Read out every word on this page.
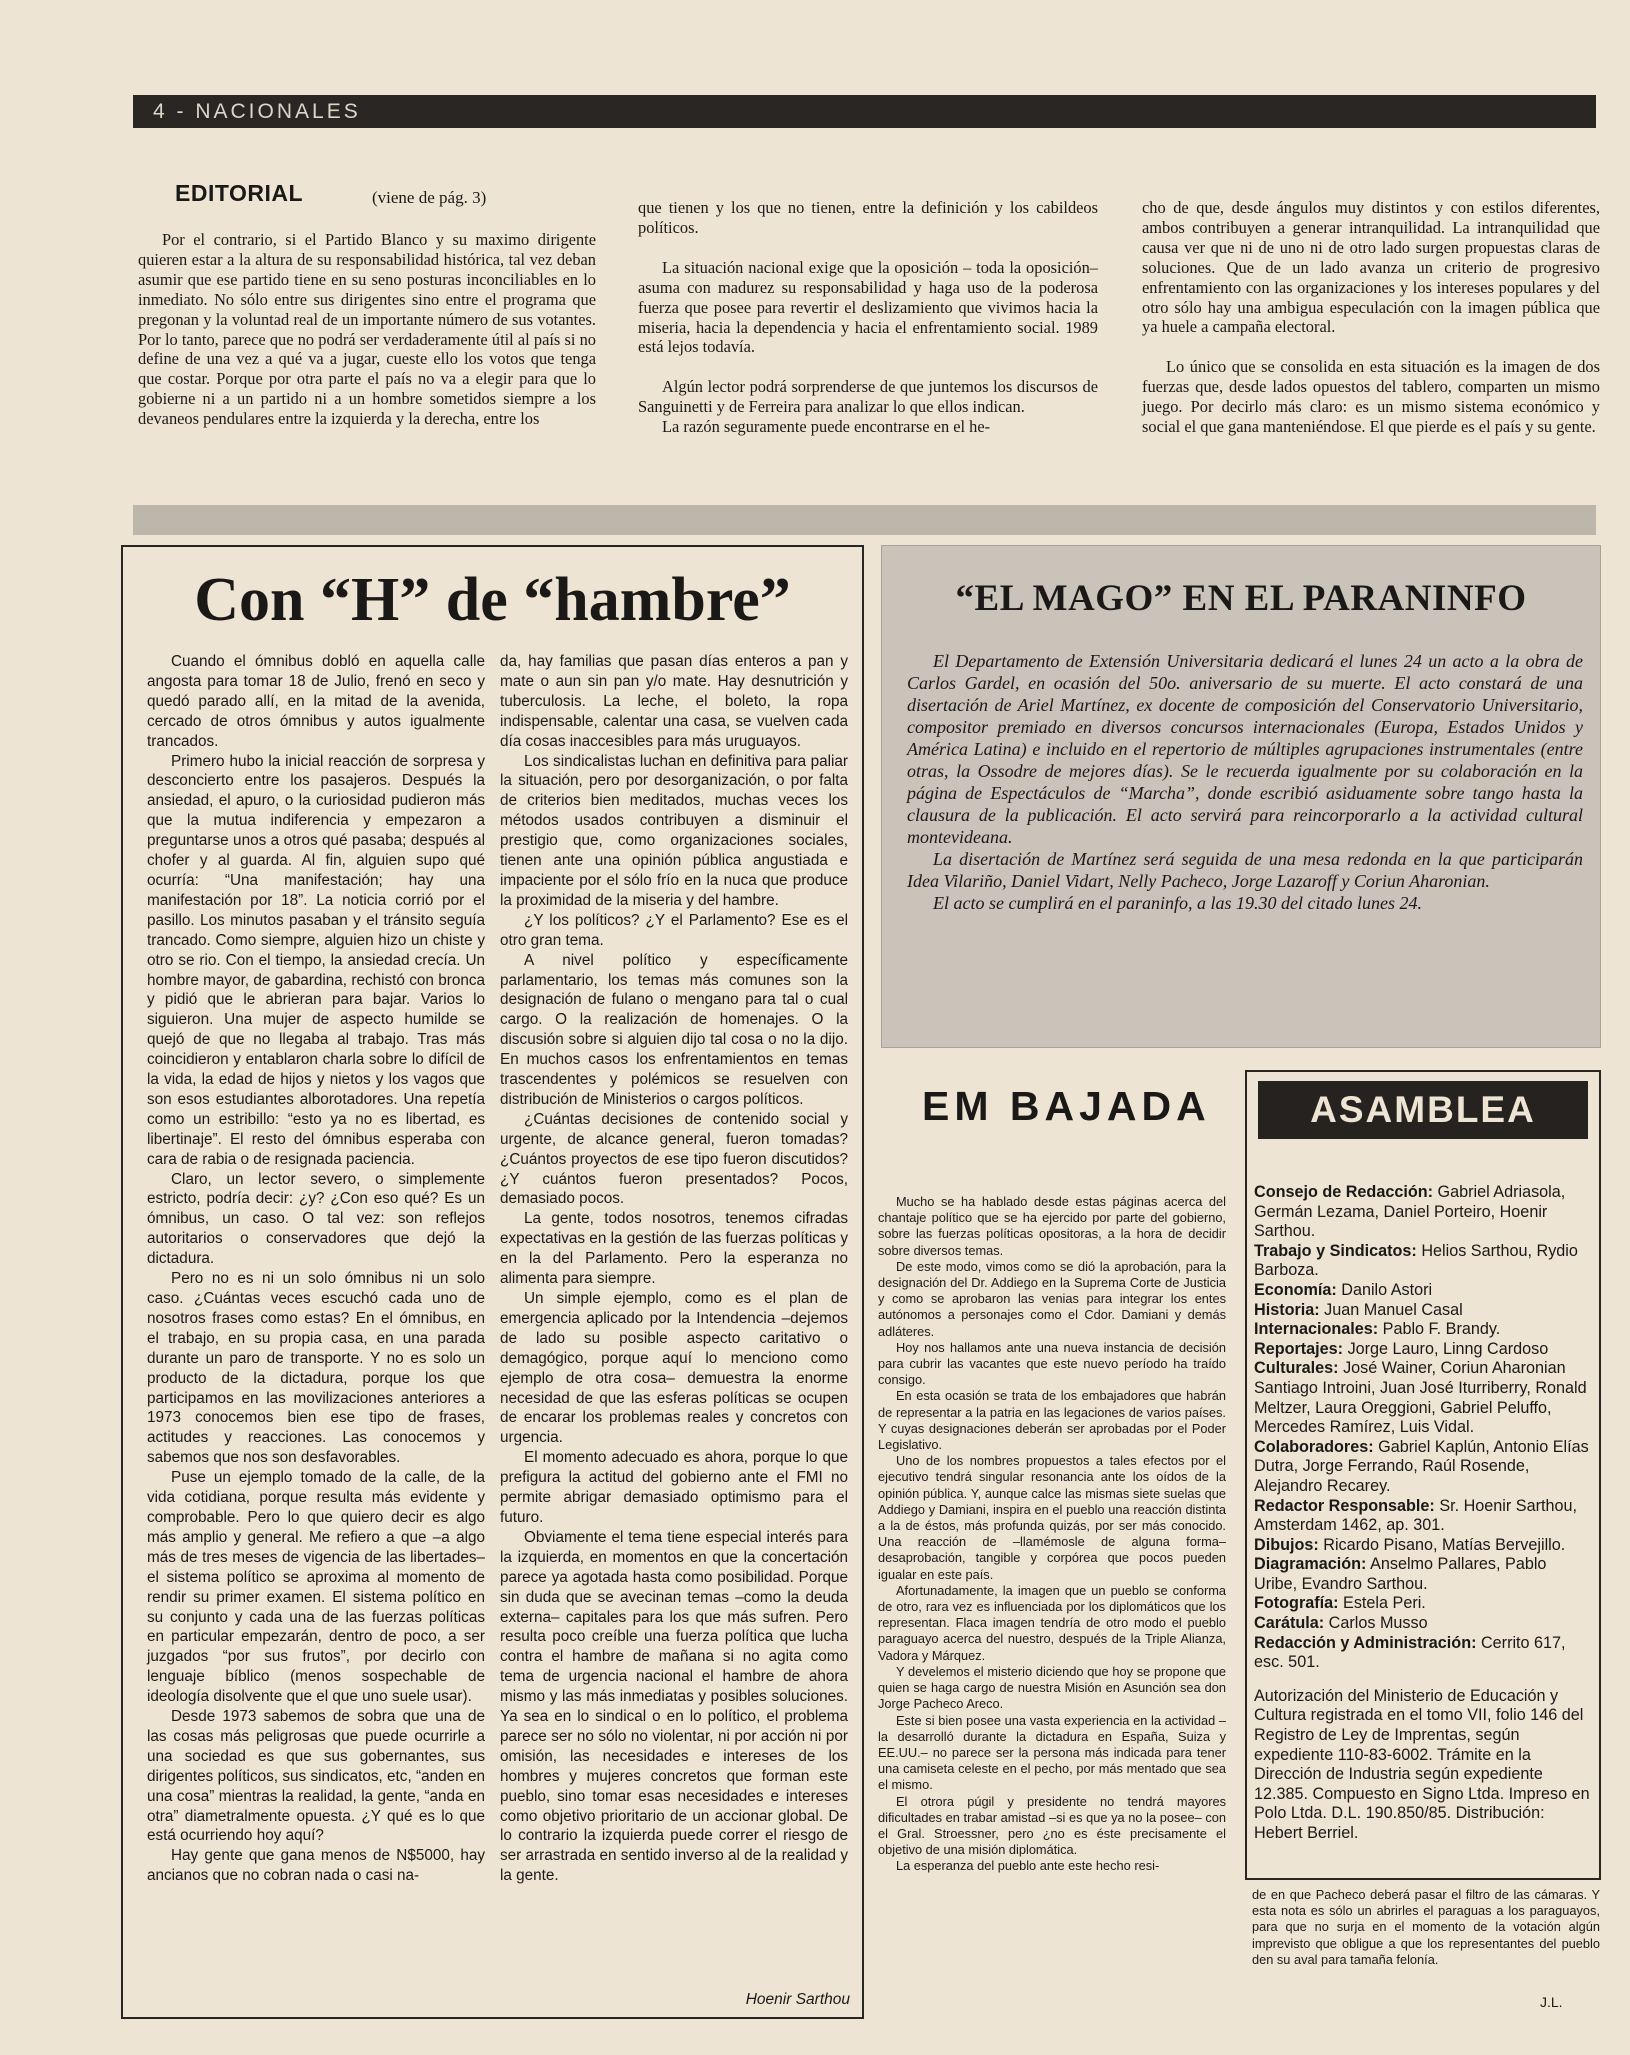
4 - NACIONALES
EDITORIAL	(viene de pág. 3)

Por el contrario, si el Partido Blanco y su maximo dirigente quieren estar a la altura de su responsabilidad histórica, tal vez deban asumir que ese partido tiene en su seno posturas inconciliables en lo inmediato. No sólo entre sus dirigentes sino entre el programa que pregonan y la voluntad real de un importante número de sus votantes. Por lo tanto, parece que no podrá ser verdaderamente útil al país si no define de una vez a qué va a jugar, cueste ello los votos que tenga que costar. Porque por otra parte el país no va a elegir para que lo gobierne ni a un partido ni a un hombre sometidos siempre a los devaneos pendulares entre la izquierda y la derecha, entre los

que tienen y los que no tienen, entre la definición y los cabildeos políticos.

La situación nacional exige que la oposición – toda la oposición– asuma con madurez su responsabilidad y haga uso de la poderosa fuerza que posee para revertir el deslizamiento que vivimos hacia la miseria, hacia la dependencia y hacia el enfrentamiento social. 1989 está lejos todavía.

Algún lector podrá sorprenderse de que juntemos los discursos de Sanguinetti y de Ferreira para analizar lo que ellos indican.

La razón seguramente puede encontrarse en el he-

cho de que, desde ángulos muy distintos y con estilos diferentes, ambos contribuyen a generar intranquilidad. La intranquilidad que causa ver que ni de uno ni de otro lado surgen propuestas claras de soluciones. Que de un lado avanza un criterio de progresivo enfrentamiento con las organizaciones y los intereses populares y del otro sólo hay una ambigua especulación con la imagen pública que ya huele a campaña electoral.

Lo único que se consolida en esta situación es la imagen de dos fuerzas que, desde lados opuestos del tablero, comparten un mismo juego. Por decirlo más claro: es un mismo sistema económico y social el que gana manteniéndose. El que pierde es el país y su gente.

Con “H” de “hambre”

Cuando el ómnibus dobló en aquella calle angosta para tomar 18 de Julio, frenó en seco y quedó parado allí, en la mitad de la avenida, cercado de otros ómnibus y autos igualmente trancados.

Primero hubo la inicial reacción de sorpresa y desconcierto entre los pasajeros. Después la ansiedad, el apuro, o la curiosidad pudieron más que la mutua indiferencia y empezaron a preguntarse unos a otros qué pasaba; después al chofer y al guarda. Al fin, alguien supo qué ocurría: “Una manifestación; hay una manifestación por 18”. La noticia corrió por el pasillo. Los minutos pasaban y el tránsito seguía trancado. Como siempre, alguien hizo un chiste y otro se rio. Con el tiempo, la ansiedad crecía. Un hombre mayor, de gabardina, rechistó con bronca y pidió que le abrieran para bajar. Varios lo siguieron. Una mujer de aspecto humilde se quejó de que no llegaba al trabajo. Tras más coincidieron y entablaron charla sobre lo difícil de la vida, la edad de hijos y nietos y los vagos que son esos estudiantes alborotadores. Una repetía como un estribillo: “esto ya no es libertad, es libertinaje”. El resto del ómnibus esperaba con cara de rabia o de resignada paciencia.

Claro, un lector severo, o simplemente estricto, podría decir: ¿y? ¿Con eso qué? Es un ómnibus, un caso. O tal vez: son reflejos autoritarios o conservadores que dejó la dictadura.

Pero no es ni un solo ómnibus ni un solo caso. ¿Cuántas veces escuchó cada uno de nosotros frases como estas? En el ómnibus, en el trabajo, en su propia casa, en una parada durante un paro de transporte. Y no es solo un producto de la dictadura, porque los que participamos en las movilizaciones anteriores a 1973 conocemos bien ese tipo de frases, actitudes y reacciones. Las conocemos y sabemos que nos son desfavorables.

Puse un ejemplo tomado de la calle, de la vida cotidiana, porque resulta más evidente y comprobable. Pero lo que quiero decir es algo más amplio y general. Me refiero a que –a algo más de tres meses de vigencia de las libertades– el sistema político se aproxima al momento de rendir su primer examen. El sistema político en su conjunto y cada una de las fuerzas políticas en particular empezarán, dentro de poco, a ser juzgados “por sus frutos”, por decirlo con lenguaje bíblico (menos sospechable de ideología disolvente que el que uno suele usar).

Desde 1973 sabemos de sobra que una de las cosas más peligrosas que puede ocurrirle a una sociedad es que sus gobernantes, sus dirigentes políticos, sus sindicatos, etc, “anden en una cosa” mientras la realidad, la gente, “anda en otra” diametralmente opuesta. ¿Y qué es lo que está ocurriendo hoy aquí?

Hay gente que gana menos de N$5000, hay ancianos que no cobran nada o casi na-

da, hay familias que pasan días enteros a pan y mate o aun sin pan y/o mate. Hay desnutrición y tuberculosis. La leche, el boleto, la ropa indispensable, calentar una casa, se vuelven cada día cosas inaccesibles para más uruguayos.

Los sindicalistas luchan en definitiva para paliar la situación, pero por desorganización, o por falta de criterios bien meditados, muchas veces los métodos usados contribuyen a disminuir el prestigio que, como organizaciones sociales, tienen ante una opinión pública angustiada e impaciente por el sólo frío en la nuca que produce la proximidad de la miseria y del hambre.

¿Y los políticos? ¿Y el Parlamento? Ese es el otro gran tema.

A nivel político y específicamente parlamentario, los temas más comunes son la designación de fulano o mengano para tal o cual cargo. O la realización de homenajes. O la discusión sobre si alguien dijo tal cosa o no la dijo. En muchos casos los enfrentamientos en temas trascendentes y polémicos se resuelven con distribución de Ministerios o cargos políticos.

¿Cuántas decisiones de contenido social y urgente, de alcance general, fueron tomadas? ¿Cuántos proyectos de ese tipo fueron discutidos? ¿Y cuántos fueron presentados? Pocos, demasiado pocos.

La gente, todos nosotros, tenemos cifradas expectativas en la gestión de las fuerzas políticas y en la del Parlamento. Pero la esperanza no alimenta para siempre.

Un simple ejemplo, como es el plan de emergencia aplicado por la Intendencia –dejemos de lado su posible aspecto caritativo o demagógico, porque aquí lo menciono como ejemplo de otra cosa– demuestra la enorme necesidad de que las esferas políticas se ocupen de encarar los problemas reales y concretos con urgencia.

El momento adecuado es ahora, porque lo que prefigura la actitud del gobierno ante el FMI no permite abrigar demasiado optimismo para el futuro.

Obviamente el tema tiene especial interés para la izquierda, en momentos en que la concertación parece ya agotada hasta como posibilidad. Porque sin duda que se avecinan temas –como la deuda externa– capitales para los que más sufren. Pero resulta poco creíble una fuerza política que lucha contra el hambre de mañana si no agita como tema de urgencia nacional el hambre de ahora mismo y las más inmediatas y posibles soluciones. Ya sea en lo sindical o en lo político, el problema parece ser no sólo no violentar, ni por acción ni por omisión, las necesidades e intereses de los hombres y mujeres concretos que forman este pueblo, sino tomar esas necesidades e intereses como objetivo prioritario de un accionar global. De lo contrario la izquierda puede correr el riesgo de ser arrastrada en sentido inverso al de la realidad y la gente.

Hoenir Sarthou
“EL MAGO” EN EL PARANINFO

El Departamento de Extensión Universitaria dedicará el lunes 24 un acto a la obra de Carlos Gardel, en ocasión del 50o. aniversario de su muerte. El acto constará de una disertación de Ariel Martínez, ex docente de composición del Conservatorio Universitario, compositor premiado en diversos concursos internacionales (Europa, Estados Unidos y América Latina) e incluido en el repertorio de múltiples agrupaciones instrumentales (entre otras, la Ossodre de mejores días). Se le recuerda igualmente por su colaboración en la página de Espectáculos de “Marcha”, donde escribió asiduamente sobre tango hasta la clausura de la publicación. El acto servirá para reincorporarlo a la actividad cultural montevideana.

La disertación de Martínez será seguida de una mesa redonda en la que participarán Idea Vilariño, Daniel Vidart, Nelly Pacheco, Jorge Lazaroff y Coriun Aharonian.

El acto se cumplirá en el paraninfo, a las 19.30 del citado lunes 24.

EM BAJADA

Mucho se ha hablado desde estas páginas acerca del chantaje político que se ha ejercido por parte del gobierno, sobre las fuerzas políticas opositoras, a la hora de decidir sobre diversos temas.

De este modo, vimos como se dió la aprobación, para la designación del Dr. Addiego en la Suprema Corte de Justicia y como se aprobaron las venias para integrar los entes autónomos a personajes como el Cdor. Damiani y demás adláteres.

Hoy nos hallamos ante una nueva instancia de decisión para cubrir las vacantes que este nuevo período ha traído consigo.

En esta ocasión se trata de los embajadores que habrán de representar a la patria en las legaciones de varios países. Y cuyas designaciones deberán ser aprobadas por el Poder Legislativo.

Uno de los nombres propuestos a tales efectos por el ejecutivo tendrá singular resonancia ante los oídos de la opinión pública. Y, aunque calce las mismas siete suelas que Addiego y Damiani, inspira en el pueblo una reacción distinta a la de éstos, más profunda quizás, por ser más conocido. Una reacción de –llamémosle de alguna forma– desaprobación, tangible y corpórea que pocos pueden igualar en este país.

Afortunadamente, la imagen que un pueblo se conforma de otro, rara vez es influenciada por los diplomáticos que los representan. Flaca imagen tendría de otro modo el pueblo paraguayo acerca del nuestro, después de la Triple Alianza, Vadora y Márquez.

Y develemos el misterio diciendo que hoy se propone que quien se haga cargo de nuestra Misión en Asunción sea don Jorge Pacheco Areco.

Este si bien posee una vasta experiencia en la actividad –la desarrolló durante la dictadura en España, Suiza y EE.UU.– no parece ser la persona más indicada para tener una camiseta celeste en el pecho, por más mentado que sea el mismo.

El otrora púgil y presidente no tendrá mayores dificultades en trabar amistad –si es que ya no la posee– con el Gral. Stroessner, pero ¿no es éste precisamente el objetivo de una misión diplomática.

La esperanza del pueblo ante este hecho resi-

de en que Pacheco deberá pasar el filtro de las cámaras. Y esta nota es sólo un abrirles el paraguas a los paraguayos, para que no surja en el momento de la votación algún imprevisto que obligue a que los representantes del pueblo den su aval para tamaña felonía.

J.L.
ASAMBLEA

Consejo de Redacción: Gabriel Adriasola, Germán Lezama, Daniel Porteiro, Hoenir Sarthou.

Trabajo y Sindicatos: Helios Sarthou, Rydio Barboza.

Economía: Danilo Astori

Historia: Juan Manuel Casal

Internacionales: Pablo F. Brandy.

Reportajes: Jorge Lauro, Linng Cardoso

Culturales: José Wainer, Coriun Aharonian Santiago Introini, Juan José Iturriberry, Ronald Meltzer, Laura Oreggioni, Gabriel Peluffo, Mercedes Ramírez, Luis Vidal.

Colaboradores: Gabriel Kaplún, Antonio Elías Dutra, Jorge Ferrando, Raúl Rosende, Alejandro Recarey.

Redactor Responsable: Sr. Hoenir Sarthou, Amsterdam 1462, ap. 301.

Dibujos: Ricardo Pisano, Matías Bervejillo.

Diagramación: Anselmo Pallares, Pablo Uribe, Evandro Sarthou.

Fotografía: Estela Peri.

Carátula: Carlos Musso

Redacción y Administración: Cerrito 617, esc. 501.

Autorización del Ministerio de Educación y Cultura registrada en el tomo VII, folio 146 del Registro de Ley de Imprentas, según expediente 110-83-6002. Trámite en la Dirección de Industria según expediente 12.385. Compuesto en Signo Ltda. Impreso en Polo Ltda. D.L. 190.850/85. Distribución: Hebert Berriel.
